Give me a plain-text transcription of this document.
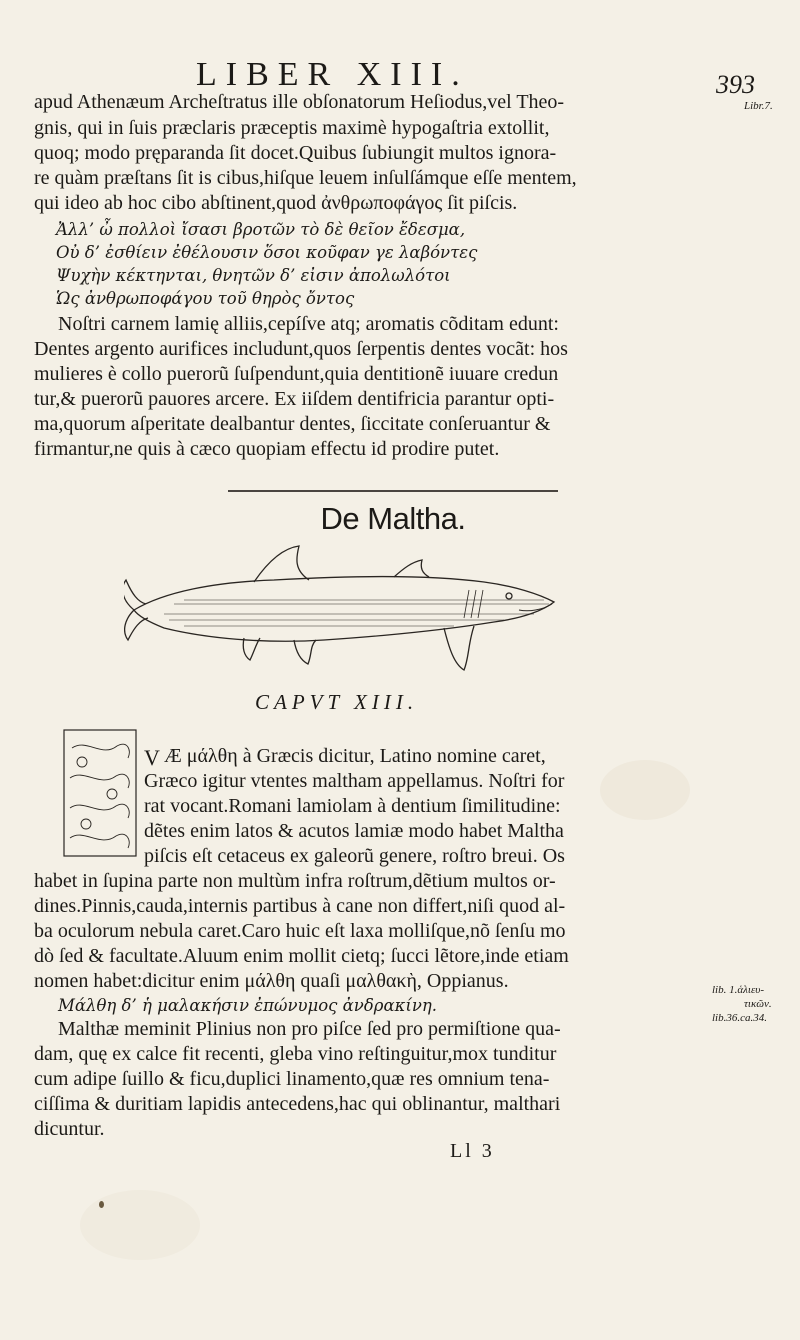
LIBER XIII.	393
apud Athenæum Archeſtratus ille obſonatorum Heſiodus,vel Theo-
gnis, qui in ſuis præclaris præceptis maximè hypogaſtria extollit,
quoq; modo pręparanda ſit docet.Quibus ſubiungit multos ignora-
re quàm præſtans ſit is cibus,hiſque leuem inſulſámque eſſe mentem,
qui ideo ab hoc cibo abſtinent,quod ἀνθρωποφάγος ſit piſcis.
Libr.7.
Ἀλλ’ ὦ πολλοὶ ἴσασι βροτῶν τὸ δὲ θεῖον ἔδεσμα,
Οὐ δ’ ἐσθίειν ἐθέλουσιν ὅσοι κοῦφαν γε λαβόντες
Ψυχὴν κέκτηνται, θνητῶν δ’ εἰσιν ἀπολωλότοι
Ὡς ἀνθρωποφάγου τοῦ θηρὸς ὄντος
Noſtri carnem lamię alliis,cepíſve atq; aromatis cõditam edunt:
Dentes argento aurifices includunt,quos ſerpentis dentes vocãt: hos
mulieres è collo puerorũ ſuſpendunt,quia dentitionẽ iuuare credun
tur,& puerorũ pauores arcere. Ex iiſdem dentifricia parantur opti-
ma,quorum aſperitate dealbantur dentes, ſiccitate conſeruantur &
firmantur,ne quis à cæco quopiam effectu id prodire putet.
De Maltha.
CAPVT XIII.
V Æ μάλθη à Græcis dicitur, Latino nomine caret,
Græco igitur vtentes maltham appellamus. Noſtri for
rat vocant.Romani lamiolam à dentium ſimilitudine:
dẽtes enim latos & acutos lamiæ modo habet Maltha
piſcis eſt cetaceus ex galeorũ genere, roſtro breui. Os
habet in ſupina parte non multùm infra roſtrum,dẽtium multos or-
dines.Pinnis,cauda,internis partibus à cane non differt,niſi quod al-
ba oculorum nebula caret.Caro huic eſt laxa molliſque,nõ ſenſu mo
dò ſed & facultate.Aluum enim mollit cietq; ſucci lẽtore,inde etiam
nomen habet:dicitur enim μάλθη quaſi μαλθακὴ, Oppianus.
Μάλθη δ’ ἡ μαλακήσιν ἐπώνυμος ἀνδρακίνη.
lib. 1.ἁλιευ-
τικῶν.
lib.36.ca.34.
Malthæ meminit Plinius non pro piſce ſed pro permiſtione qua-
dam, quę ex calce fit recenti, gleba vino reſtinguitur,mox tunditur
cum adipe ſuillo & ficu,duplici linamento,quæ res omnium tena-
ciſſima & duritiam lapidis antecedens,hac qui oblinantur, malthari
dicuntur.
Ll 3
